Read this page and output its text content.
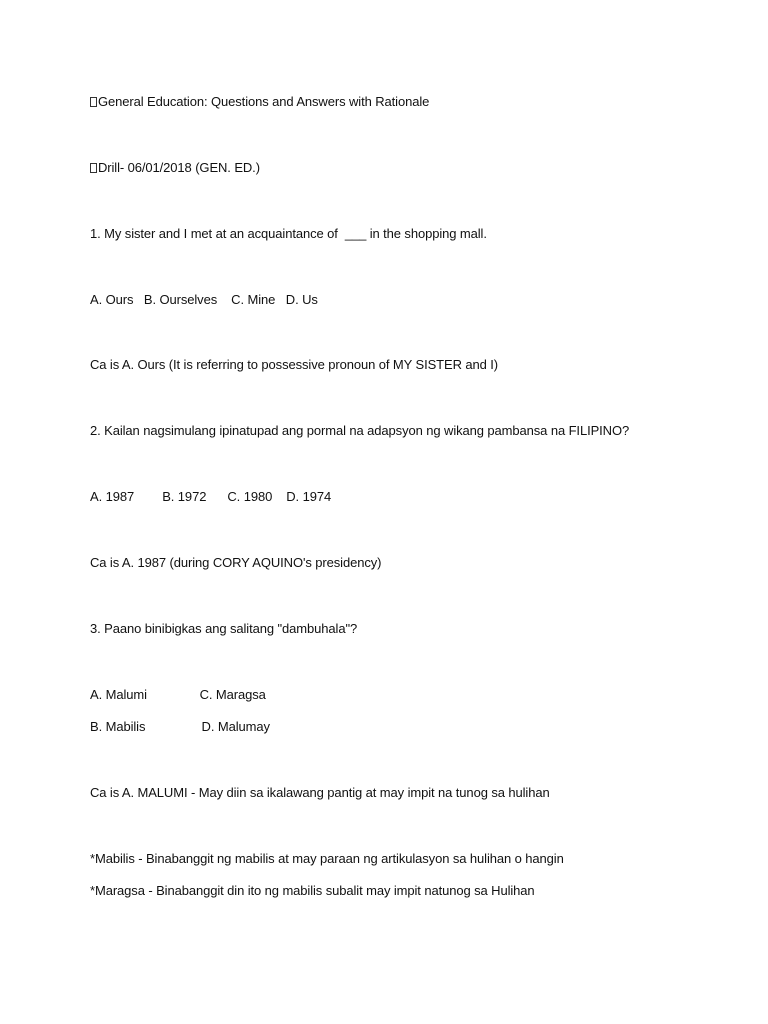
General Education: Questions and Answers with Rationale
Drill- 06/01/2018 (GEN. ED.)
1. My sister and I met at an acquaintance of  ___ in the shopping mall.
A. Ours   B. Ourselves    C. Mine   D. Us
Ca is A. Ours (It is referring to possessive pronoun of MY SISTER and I)
2. Kailan nagsimulang ipinatupad ang pormal na adapsyon ng wikang pambansa na FILIPINO?
A. 1987        B. 1972      C. 1980    D. 1974
Ca is A. 1987 (during CORY AQUINO's presidency)
3. Paano binibigkas ang salitang "dambuhala"?
A. Malumi               C. Maragsa
B. Mabilis                D. Malumay
Ca is A. MALUMI - May diin sa ikalawang pantig at may impit na tunog sa hulihan
*Mabilis - Binabanggit ng mabilis at may paraan ng artikulasyon sa hulihan o hangin
*Maragsa - Binabanggit din ito ng mabilis subalit may impit natunog sa Hulihan
